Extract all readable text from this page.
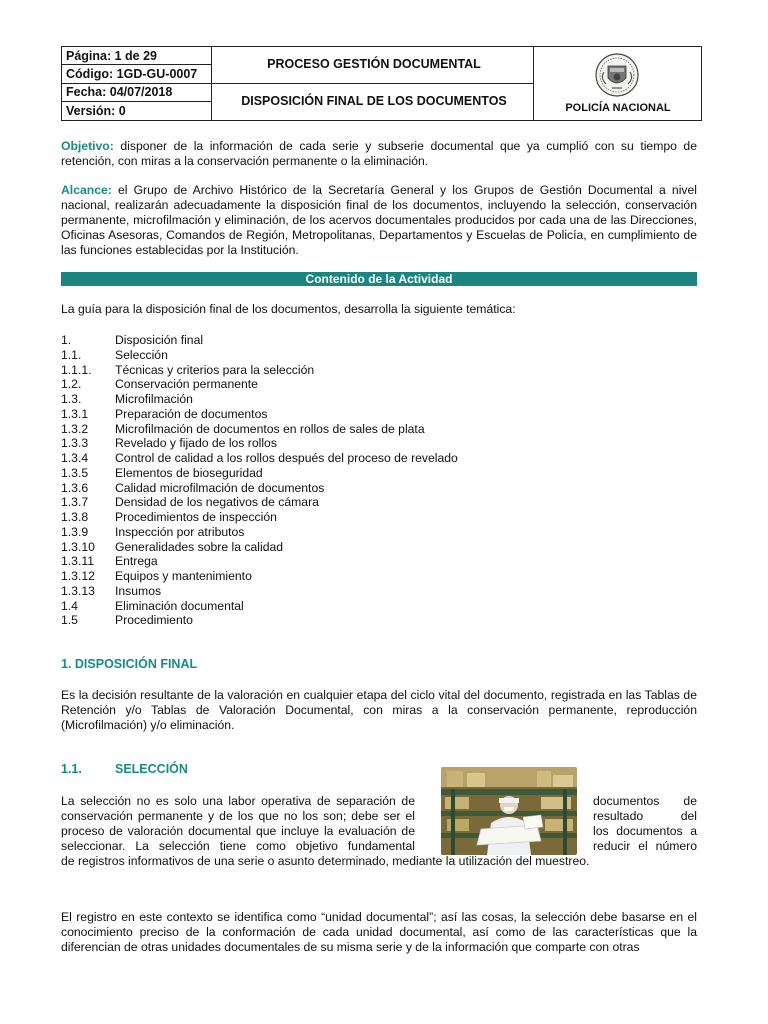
Página: 1 de 29
Código: 1GD-GU-0007
Fecha: 04/07/2018
Versión: 0
PROCESO GESTIÓN DOCUMENTAL
DISPOSICIÓN FINAL DE LOS DOCUMENTOS	POLICÍA NACIONAL
Objetivo: disponer de la información de cada serie y subserie documental que ya cumplió con su tiempo de retención, con miras a la conservación permanente o la eliminación.
Alcance: el Grupo de Archivo Histórico de la Secretaría General y los Grupos de Gestión Documental a nivel nacional, realizarán adecuadamente la disposición final de los documentos, incluyendo la selección, conservación permanente, microfilmación y eliminación, de los acervos documentales producidos por cada una de las Direcciones, Oficinas Asesoras, Comandos de Región, Metropolitanas, Departamentos y Escuelas de Policía, en cumplimiento de las funciones establecidas por la Institución.
Contenido de la Actividad
La guía para la disposición final de los documentos, desarrolla la siguiente temática:
1.	Disposición final
1.1.	Selección
1.1.1. Técnicas y criterios para la selección
1.2.	Conservación permanente
1.3.	Microfilmación
1.3.1 Preparación de documentos
1.3.2 Microfilmación de documentos en rollos de sales de plata
1.3.3 Revelado y fijado de los rollos
1.3.4 Control de calidad a los rollos después del proceso de revelado
1.3.5 Elementos de bioseguridad
1.3.6 Calidad microfilmación de documentos
1.3.7 Densidad de los negativos de cámara
1.3.8 Procedimientos de inspección
1.3.9 Inspección por atributos
1.3.10 Generalidades sobre la calidad
1.3.11 Entrega
1.3.12 Equipos y mantenimiento
1.3.13 Insumos
1.4	Eliminación documental
1.5	Procedimiento
1. DISPOSICIÓN FINAL
Es la decisión resultante de la valoración en cualquier etapa del ciclo vital del documento, registrada en las Tablas de Retención y/o Tablas de Valoración Documental, con miras a la conservación permanente, reproducción (Microfilmación) y/o eliminación.
1.1.	SELECCIÓN
La selección no es solo una labor operativa de separación de
conservación permanente y de los que no los son; debe ser el
proceso de valoración documental que incluye la evaluación de
seleccionar. La selección tiene como objetivo fundamental
documentos de
resultado del
los documentos a
reducir el número
de registros informativos de una serie o asunto determinado, mediante la utilización del muestreo.
El registro en este contexto se identifica como “unidad documental”; así las cosas, la selección debe basarse en el conocimiento preciso de la conformación de cada unidad documental, así como de las características que la diferencian de otras unidades documentales de su misma serie y de la información que comparte con otras
